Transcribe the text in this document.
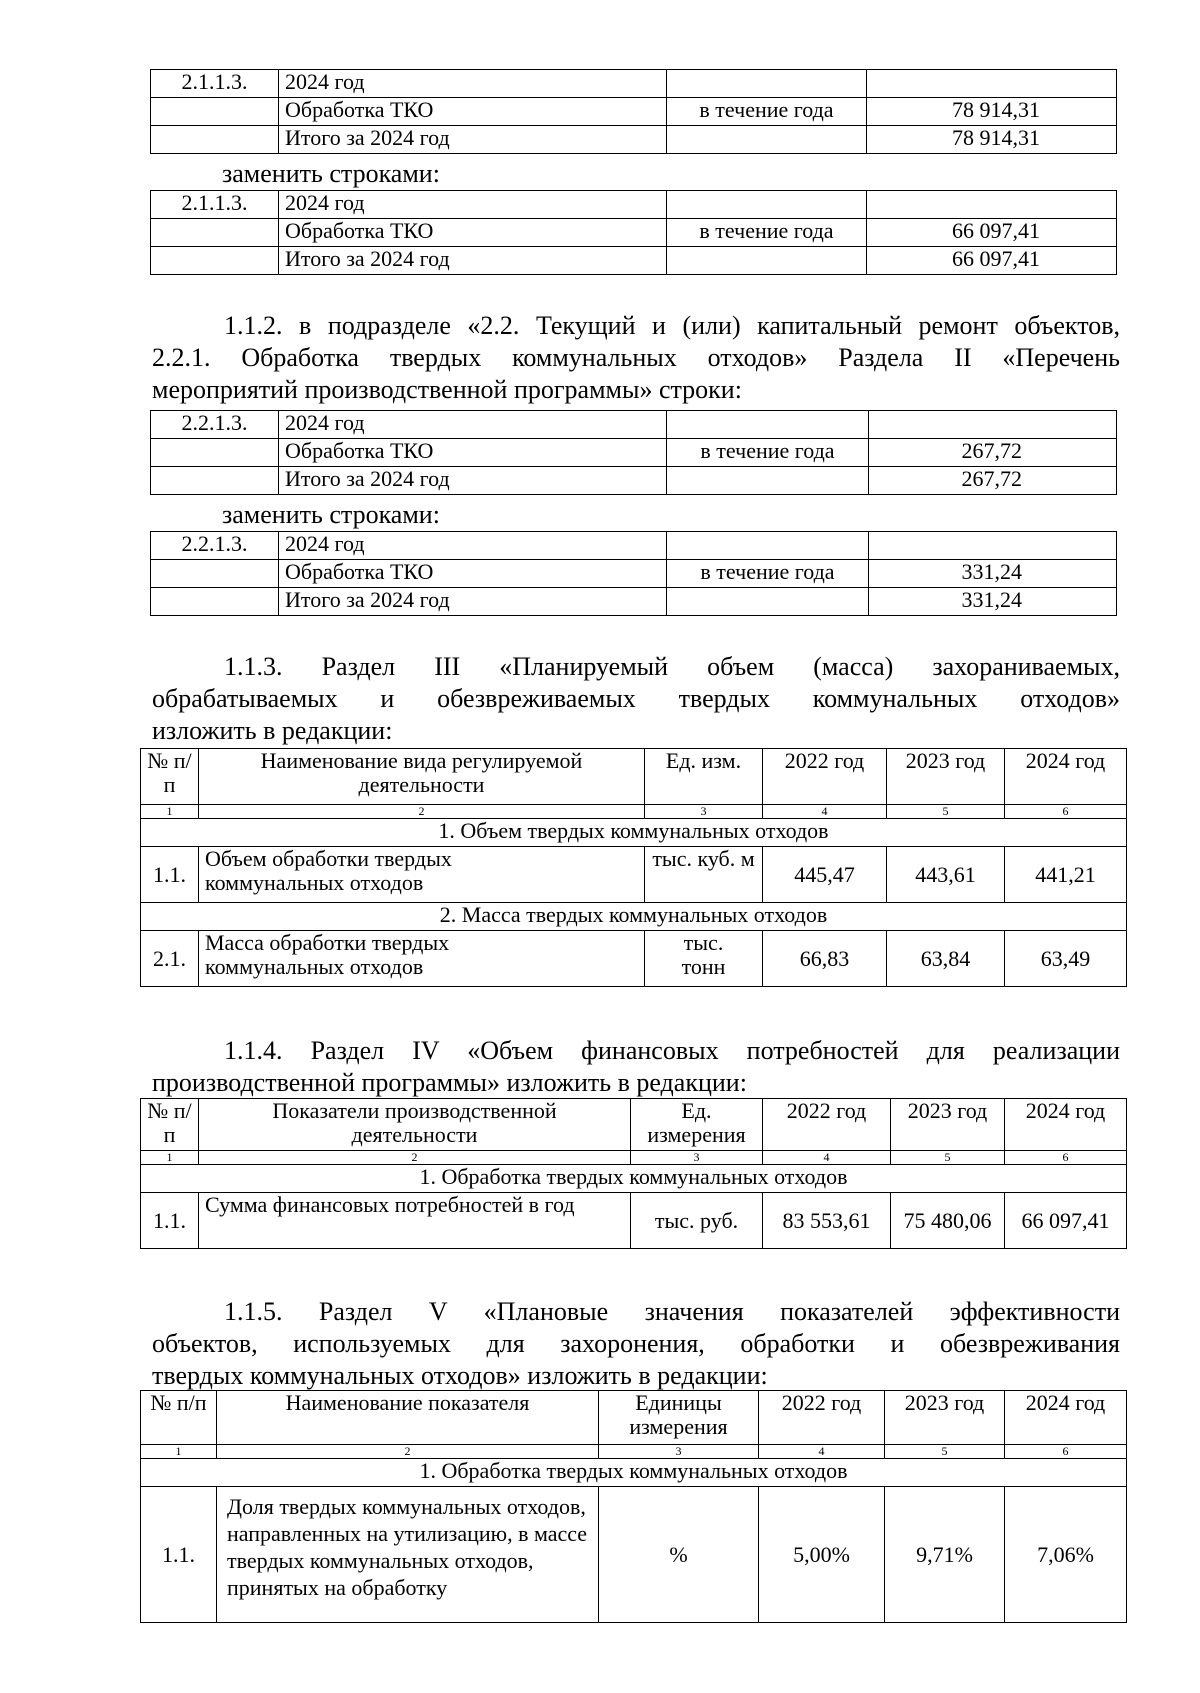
2.1.1.3.	2024 год		
	Обработка ТКО	в течение года	78 914,31
	Итого за 2024 год		78 914,31
заменить строками:
2.1.1.3.	2024 год		
	Обработка ТКО	в течение года	66 097,41
	Итого за 2024 год		66 097,41
1.1.2. в подразделе «2.2. Текущий и (или) капитальный ремонт объектов,
2.2.1. Обработка твердых коммунальных отходов» Раздела II «Перечень
мероприятий производственной программы» строки:
2.2.1.3.	2024 год		
	Обработка ТКО	в течение года	267,72
	Итого за 2024 год		267,72
заменить строками:
2.2.1.3.	2024 год		
	Обработка ТКО	в течение года	331,24
	Итого за 2024 год		331,24
1.1.3. Раздел III «Планируемый объем (масса) захораниваемых,
обрабатываемых и обезвреживаемых твердых коммунальных отходов»
изложить в редакции:
№ п/п	Наименование вида регулируемой деятельности	Ед. изм.	2022 год	2023 год	2024 год
1	2	3	4	5	6
1. Объем твердых коммунальных отходов					
1.1.	Объем обработки твердых коммунальных отходов	тыс. куб. м	445,47	443,61	441,21
2. Масса твердых коммунальных отходов					
2.1.	Масса обработки твердых коммунальных отходов	тыс. тонн	66,83	63,84	63,49
1.1.4. Раздел IV «Объем финансовых потребностей для реализации
производственной программы» изложить в редакции:
№ п/п	Показатели производственной деятельности	Ед. измерения	2022 год	2023 год	2024 год
1	2	3	4	5	6
1. Обработка твердых коммунальных отходов					
1.1.	Сумма финансовых потребностей в год	тыс. руб.	83 553,61	75 480,06	66 097,41
1.1.5. Раздел V «Плановые значения показателей эффективности
объектов, используемых для захоронения, обработки и обезвреживания
твердых коммунальных отходов» изложить в редакции:
№ п/п	Наименование показателя	Единицы измерения	2022 год	2023 год	2024 год
1	2	3	4	5	6
1. Обработка твердых коммунальных отходов					
1.1.	Доля твердых коммунальных отходов, направленных на утилизацию, в массе твердых коммунальных отходов, принятых на обработку	%	5,00%	9,71%	7,06%
